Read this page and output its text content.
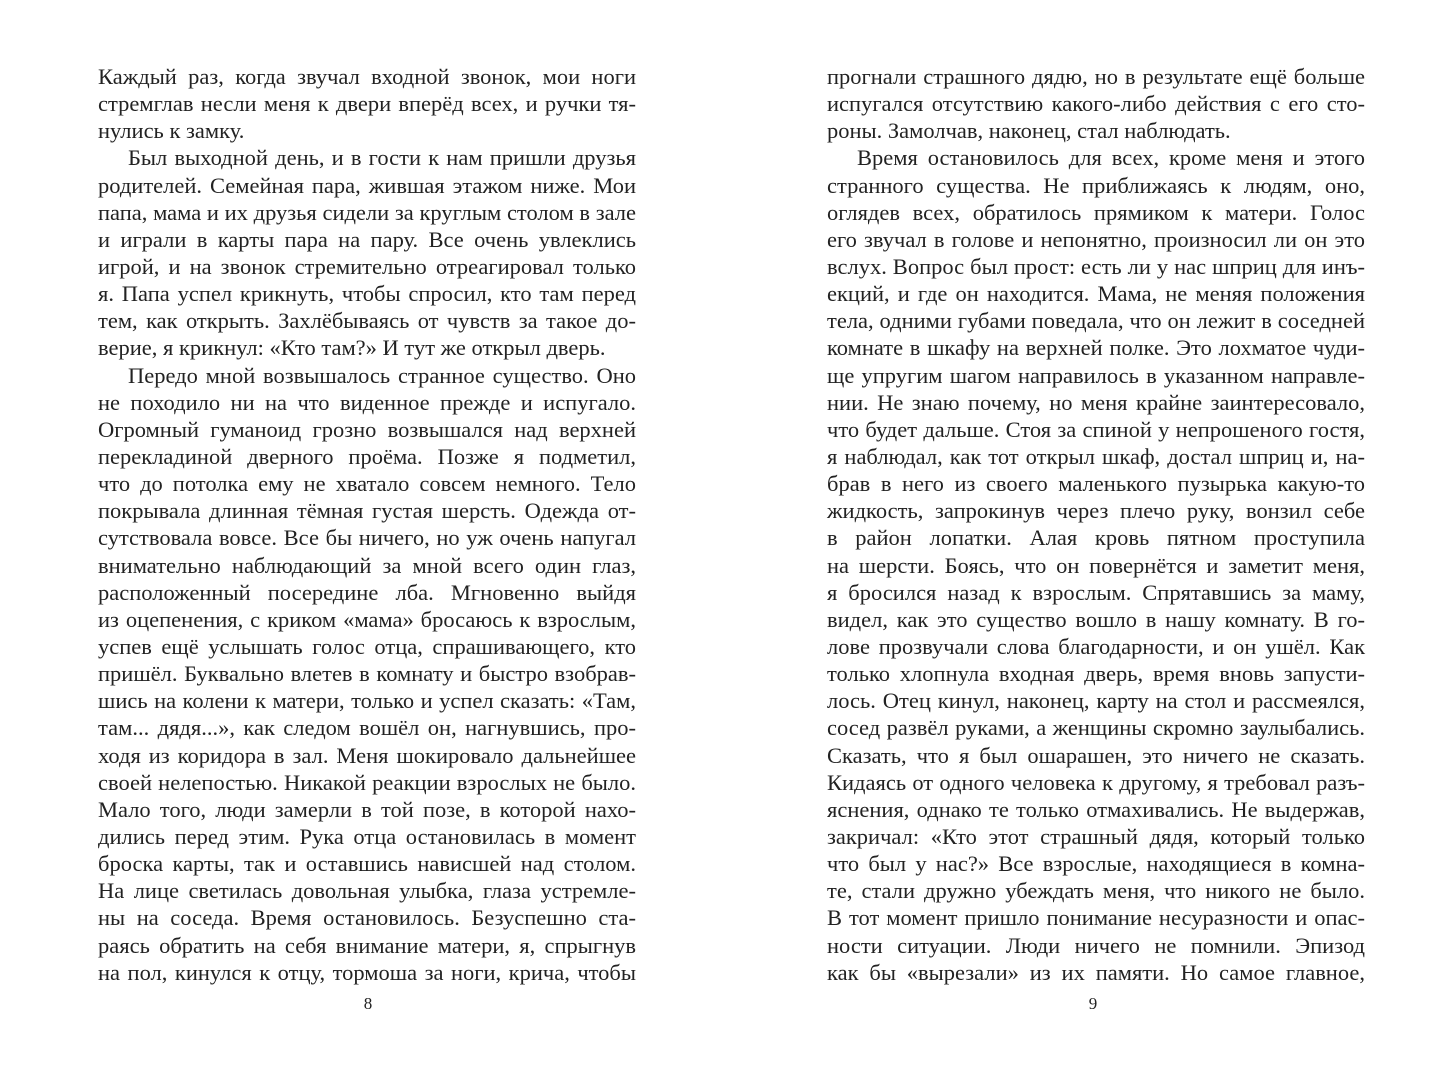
Каждый раз, когда звучал входной звонок, мои ноги
стремглав несли меня к двери вперёд всех, и ручки тя-
нулись к замку.
Был выходной день, и в гости к нам пришли друзья
родителей. Семейная пара, жившая этажом ниже. Мои
папа, мама и их друзья сидели за круглым столом в зале
и играли в карты пара на пару. Все очень увлеклись
игрой, и на звонок стремительно отреагировал только
я. Папа успел крикнуть, чтобы спросил, кто там перед
тем, как открыть. Захлёбываясь от чувств за такое до-
верие, я крикнул: «Кто там?» И тут же открыл дверь.
Передо мной возвышалось странное существо. Оно
не походило ни на что виденное прежде и испугало.
Огромный гуманоид грозно возвышался над верхней
перекладиной дверного проёма. Позже я подметил,
что до потолка ему не хватало совсем немного. Тело
покрывала длинная тёмная густая шерсть. Одежда от-
сутствовала вовсе. Все бы ничего, но уж очень напугал
внимательно наблюдающий за мной всего один глаз,
расположенный посередине лба. Мгновенно выйдя
из оцепенения, с криком «мама» бросаюсь к взрослым,
успев ещё услышать голос отца, спрашивающего, кто
пришёл. Буквально влетев в комнату и быстро взобрав-
шись на колени к матери, только и успел сказать: «Там,
там... дядя...», как следом вошёл он, нагнувшись, про-
ходя из коридора в зал. Меня шокировало дальнейшее
своей нелепостью. Никакой реакции взрослых не было.
Мало того, люди замерли в той позе, в которой нахо-
дились перед этим. Рука отца остановилась в момент
броска карты, так и оставшись нависшей над столом.
На лице светилась довольная улыбка, глаза устремле-
ны на соседа. Время остановилось. Безуспешно ста-
раясь обратить на себя внимание матери, я, спрыгнув
на пол, кинулся к отцу, тормоша за ноги, крича, чтобы
8
прогнали страшного дядю, но в результате ещё больше
испугался отсутствию какого-либо действия с его сто-
роны. Замолчав, наконец, стал наблюдать.
Время остановилось для всех, кроме меня и этого
странного существа. Не приближаясь к людям, оно,
оглядев всех, обратилось прямиком к матери. Голос
его звучал в голове и непонятно, произносил ли он это
вслух. Вопрос был прост: есть ли у нас шприц для инъ-
екций, и где он находится. Мама, не меняя положения
тела, одними губами поведала, что он лежит в соседней
комнате в шкафу на верхней полке. Это лохматое чуди-
ще упругим шагом направилось в указанном направле-
нии. Не знаю почему, но меня крайне заинтересовало,
что будет дальше. Стоя за спиной у непрошеного гостя,
я наблюдал, как тот открыл шкаф, достал шприц и, на-
брав в него из своего маленького пузырька какую-то
жидкость, запрокинув через плечо руку, вонзил себе
в район лопатки. Алая кровь пятном проступила
на шерсти. Боясь, что он повернётся и заметит меня,
я бросился назад к взрослым. Спрятавшись за маму,
видел, как это существо вошло в нашу комнату. В го-
лове прозвучали слова благодарности, и он ушёл. Как
только хлопнула входная дверь, время вновь запусти-
лось. Отец кинул, наконец, карту на стол и рассмеялся,
сосед развёл руками, а женщины скромно заулыбались.
Сказать, что я был ошарашен, это ничего не сказать.
Кидаясь от одного человека к другому, я требовал разъ-
яснения, однако те только отмахивались. Не выдержав,
закричал: «Кто этот страшный дядя, который только
что был у нас?» Все взрослые, находящиеся в комна-
те, стали дружно убеждать меня, что никого не было.
В тот момент пришло понимание несуразности и опас-
ности ситуации. Люди ничего не помнили. Эпизод
как бы «вырезали» из их памяти. Но самое главное,
9
